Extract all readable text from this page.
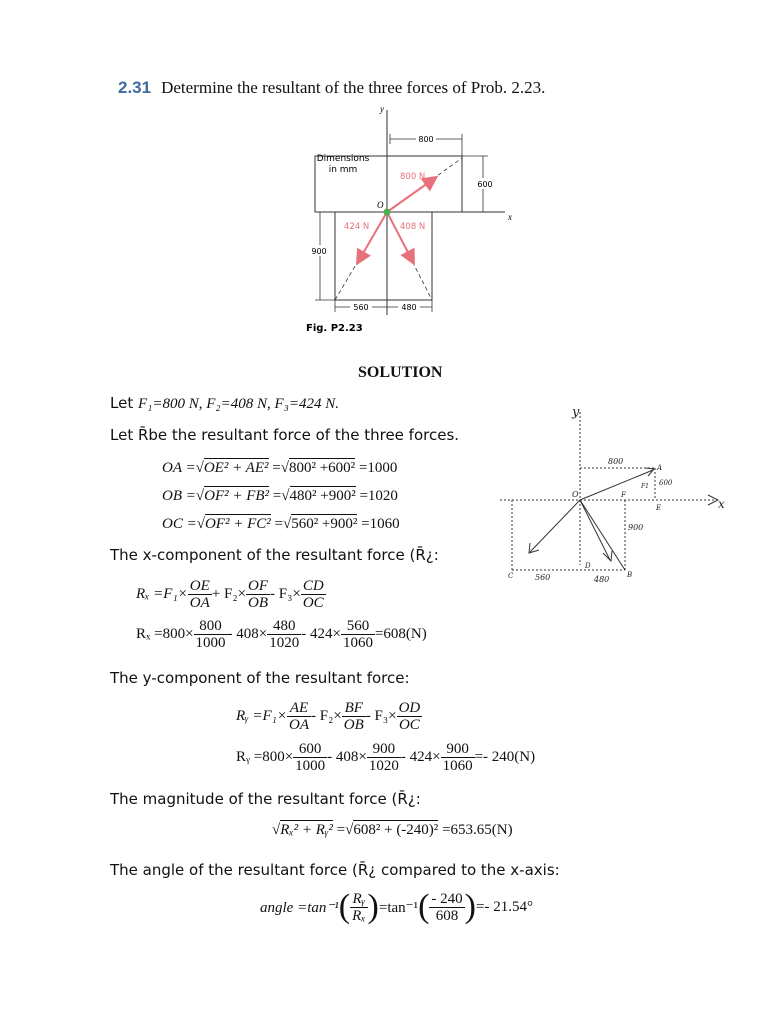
2.31 Determine the resultant of the three forces of Prob. 2.23.
y
x
Dimensions in mm
800
600
900
560	480
800 N
424 N	408 N
O
Fig. P2.23
SOLUTION
Let F₁=800 N, F₂=408 N, F₃=424 N.
Let R̄be the resultant force of the three forces.
OA =√OE² + AE² =√800² +600² =1000
OB =√OF² + FB² =√480² +900² =1020
OC =√OF² + FC² =√560² +900² =1060
The x-component of the resultant force (R̄¿:
$R_x =F_1\times \frac{OE}{OA} + F_2\times \frac{OF}{OB} - F_3\times \frac{CD}{OC}$
$R_x =800\times \frac{800}{1000} - 408\times \frac{480}{1020} - 424\times \frac{560}{1060} =608(N)$
The y-component of the resultant force:
Rᵧ $=F_1\times \frac{AE}{OA} - F_2\times \frac{BF}{OB} - F_3\times \frac{OD}{OC}$
Rᵧ $=800\times \frac{600}{1000} - 408\times \frac{900}{1020} - 424\times \frac{900}{1060} =- 240(N)$
The magnitude of the resultant force (R̄¿:
√Rₓ² + Rᵧ² =√608² + (-240)² =653.65(N)
The angle of the resultant force (R̄¿ compared to the x-axis:
angle $=\tan^{-1}( \frac{\text{Rᵧ}}{\text{Rₓ}} )=\tan^{-1}( \frac{- 240}{608}$ )=- 21.54°
y
x
O
A
B
C
D
E
F
F1
800
600
900
560	480
